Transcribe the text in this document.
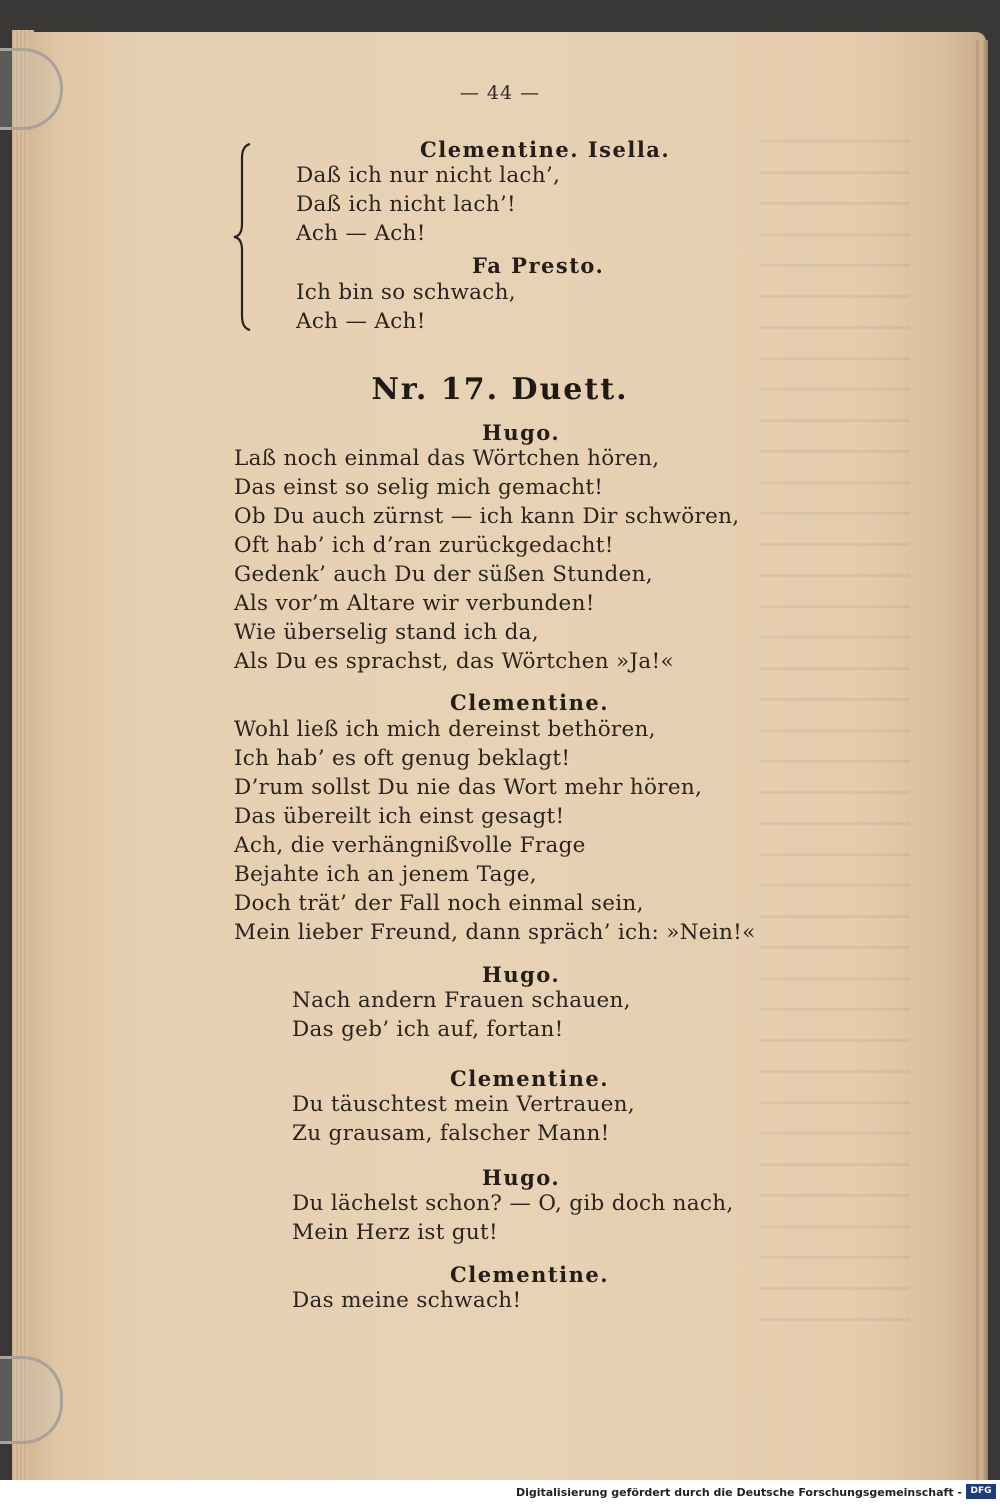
— 44 —
Clementine. Isella.
Daß ich nur nicht lach’,
Daß ich nicht lach’!
Ach — Ach!
Fa Presto.
Ich bin so schwach,
Ach — Ach!
Nr. 17. Duett.
Hugo.
Laß noch einmal das Wörtchen hören,
Das einst so selig mich gemacht!
Ob Du auch zürnst — ich kann Dir schwören,
Oft hab’ ich d’ran zurückgedacht!
Gedenk’ auch Du der süßen Stunden,
Als vor’m Altare wir verbunden!
Wie überselig stand ich da,
Als Du es sprachst, das Wörtchen »Ja!«
Clementine.
Wohl ließ ich mich dereinst bethören,
Ich hab’ es oft genug beklagt!
D’rum sollst Du nie das Wort mehr hören,
Das übereilt ich einst gesagt!
Ach, die verhängnißvolle Frage
Bejahte ich an jenem Tage,
Doch trät’ der Fall noch einmal sein,
Mein lieber Freund, dann spräch’ ich: »Nein!«
Hugo.
Nach andern Frauen schauen,
Das geb’ ich auf, fortan!
Clementine.
Du täuschtest mein Vertrauen,
Zu grausam, falscher Mann!
Hugo.
Du lächelst schon? — O, gib doch nach,
Mein Herz ist gut!
Clementine.
Das meine schwach!
Digitalisierung gefördert durch die Deutsche Forschungsgemeinschaft - DFG
